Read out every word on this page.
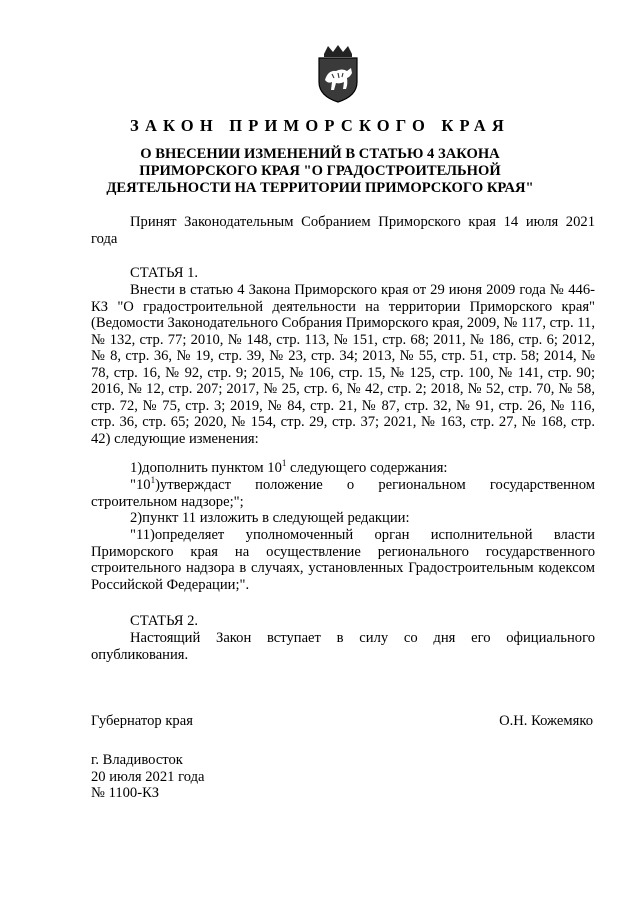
ЗАКОН ПРИМОРСКОГО КРАЯ
О ВНЕСЕНИИ ИЗМЕНЕНИЙ В СТАТЬЮ 4 ЗАКОНА
ПРИМОРСКОГО КРАЯ "О ГРАДОСТРОИТЕЛЬНОЙ
ДЕЯТЕЛЬНОСТИ НА ТЕРРИТОРИИ ПРИМОРСКОГО КРАЯ"
Принят Законодательным Собранием Приморского края 14 июля 2021 года
СТАТЬЯ 1.
Внести в статью 4 Закона Приморского края от 29 июня 2009 года № 446-КЗ "О градостроительной деятельности на территории Приморского края" (Ведомости Законодательного Собрания Приморского края, 2009, № 117, стр. 11, № 132, стр. 77; 2010, № 148, стр. 113, № 151, стр. 68; 2011, № 186, стр. 6; 2012, № 8, стр. 36, № 19, стр. 39, № 23, стр. 34; 2013, № 55, стр. 51, стр. 58; 2014, № 78, стр. 16, № 92, стр. 9; 2015, № 106, стр. 15, № 125, стр. 100, № 141, стр. 90; 2016, № 12, стр. 207; 2017, № 25, стр. 6, № 42, стр. 2; 2018, № 52, стр. 70, № 58, стр. 72, № 75, стр. 3; 2019, № 84, стр. 21, № 87, стр. 32, № 91, стр. 26, № 116, стр. 36, стр. 65; 2020, № 154, стр. 29, стр. 37; 2021, № 163, стр. 27, № 168, стр. 42) следующие изменения:
1)дополнить пунктом $10^1$ следующего содержания:
"$10^1)утверждаст$ положение о региональном государственном строительном надзоре;";
2)пункт 11 изложить в следующей редакции:
"11)определяет уполномоченный орган исполнительной власти Приморского края на осуществление регионального государственного строительного надзора в случаях, установленных Градостроительным кодексом Российской Федерации;".
СТАТЬЯ 2.
Настоящий Закон вступает в силу со дня его официального опубликования.
Губернатор края	О.Н. Кожемяко
г. Владивосток
20 июля 2021 года
№ 1100-КЗ
